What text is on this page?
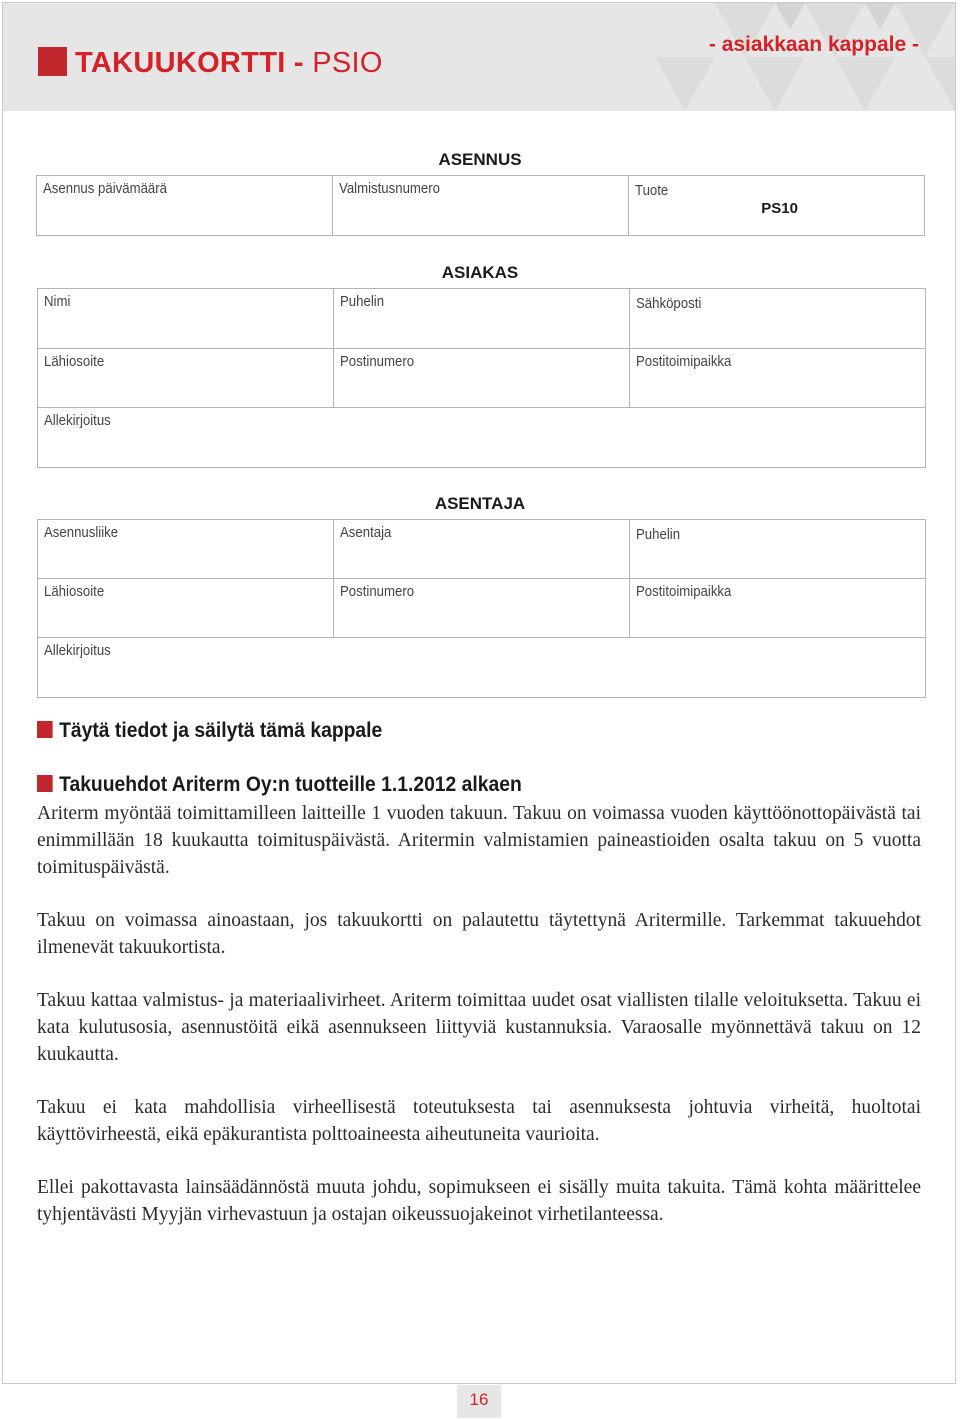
TAKUUKORTTI - PSIO
- asiakkaan kappale -
ASENNUS
Asennus päivämäärä	Valmistusnumero	Tuote
PS10
ASIAKAS
Nimi	Puhelin	Sähköposti
Lähiosoite	Postinumero	Postitoimipaikka
Allekirjoitus
ASENTAJA
Asennusliike	Asentaja	Puhelin
Lähiosoite	Postinumero	Postitoimipaikka
Allekirjoitus
Täytä tiedot ja säilytä tämä kappale
Takuuehdot Ariterm Oy:n tuotteille 1.1.2012 alkaen

Ariterm myöntää toimittamilleen laitteille 1 vuoden takuun. Takuu on voimassa vuoden käyttöönottopäivästä tai enimmillään 18 kuukautta toimituspäivästä. Aritermin valmistamien paineastioiden osalta takuu on 5 vuotta toimituspäivästä.

Takuu on voimassa ainoastaan, jos takuukortti on palautettu täytettynä Aritermille. Tarkemmat takuuehdot ilmenevät takuukortista.

Takuu kattaa valmistus- ja materiaalivirheet. Ariterm toimittaa uudet osat viallisten tilalle veloituksetta. Takuu ei kata kulutusosia, asennustöitä eikä asennukseen liittyviä kustannuksia. Varaosalle myönnettävä takuu on 12 kuukautta.

Takuu ei kata mahdollisia virheellisestä toteutuksesta tai asennuksesta johtuvia virheitä, huoltotai käyttövirheestä, eikä epäkurantista polttoaineesta aiheutuneita vaurioita.

Ellei pakottavasta lainsäädännöstä muuta johdu, sopimukseen ei sisälly muita takuita. Tämä kohta määrittelee tyhjentävästi Myyjän virhevastuun ja ostajan oikeussuojakeinot virhetilanteessa.

16
